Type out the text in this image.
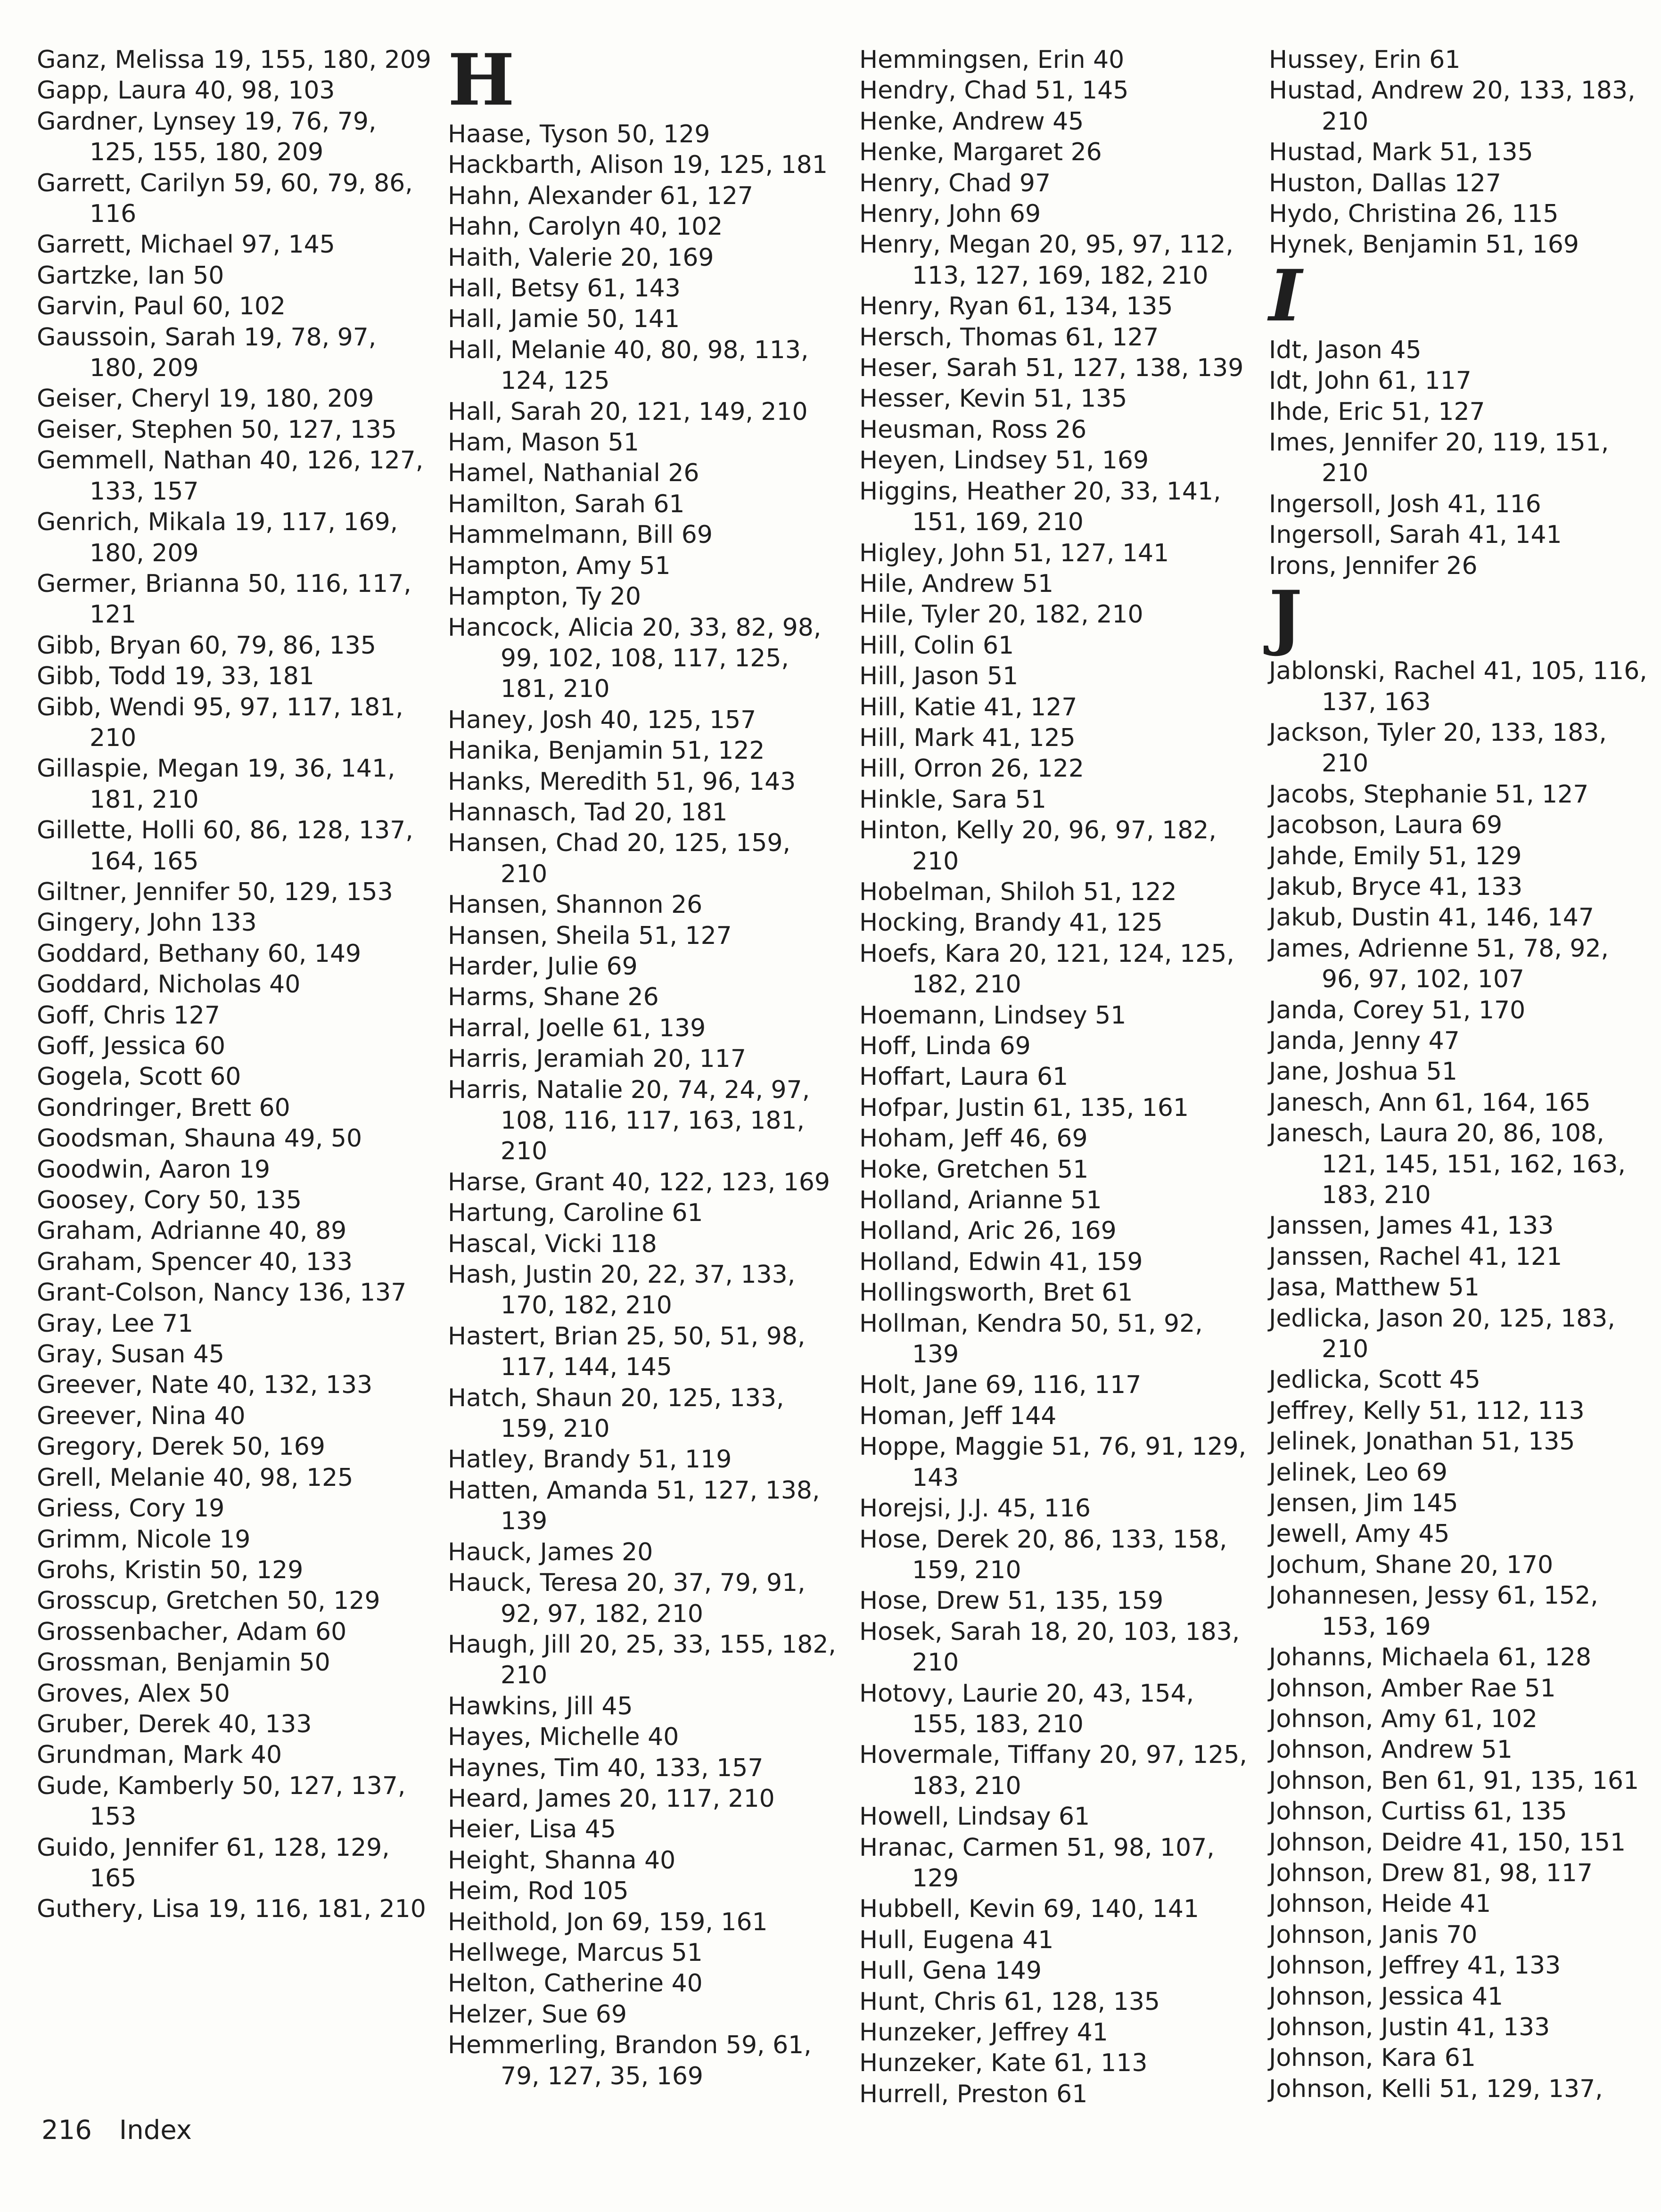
Ganz, Melissa 19, 155, 180, 209
Gapp, Laura 40, 98, 103
Gardner, Lynsey 19, 76, 79, 125, 155, 180, 209
Garrett, Carilyn 59, 60, 79, 86, 116
Garrett, Michael 97, 145
Gartzke, Ian 50
Garvin, Paul 60, 102
Gaussoin, Sarah 19, 78, 97, 180, 209
Geiser, Cheryl 19, 180, 209
Geiser, Stephen 50, 127, 135
Gemmell, Nathan 40, 126, 127, 133, 157
Genrich, Mikala 19, 117, 169, 180, 209
Germer, Brianna 50, 116, 117, 121
Gibb, Bryan 60, 79, 86, 135
Gibb, Todd 19, 33, 181
Gibb, Wendi 95, 97, 117, 181, 210
Gillaspie, Megan 19, 36, 141, 181, 210
Gillette, Holli 60, 86, 128, 137, 164, 165
Giltner, Jennifer 50, 129, 153
Gingery, John 133
Goddard, Bethany 60, 149
Goddard, Nicholas 40
Goff, Chris 127
Goff, Jessica 60
Gogela, Scott 60
Gondringer, Brett 60
Goodsman, Shauna 49, 50
Goodwin, Aaron 19
Goosey, Cory 50, 135
Graham, Adrianne 40, 89
Graham, Spencer 40, 133
Grant-Colson, Nancy 136, 137
Gray, Lee 71
Gray, Susan 45
Greever, Nate 40, 132, 133
Greever, Nina 40
Gregory, Derek 50, 169
Grell, Melanie 40, 98, 125
Griess, Cory 19
Grimm, Nicole 19
Grohs, Kristin 50, 129
Grosscup, Gretchen 50, 129
Grossenbacher, Adam 60
Grossman, Benjamin 50
Groves, Alex 50
Gruber, Derek 40, 133
Grundman, Mark 40
Gude, Kamberly 50, 127, 137, 153
Guido, Jennifer 61, 128, 129, 165
Guthery, Lisa 19, 116, 181, 210
H
Haase, Tyson 50, 129
Hackbarth, Alison 19, 125, 181
Hahn, Alexander 61, 127
Hahn, Carolyn 40, 102
Haith, Valerie 20, 169
Hall, Betsy 61, 143
Hall, Jamie 50, 141
Hall, Melanie 40, 80, 98, 113, 124, 125
Hall, Sarah 20, 121, 149, 210
Ham, Mason 51
Hamel, Nathanial 26
Hamilton, Sarah 61
Hammelmann, Bill 69
Hampton, Amy 51
Hampton, Ty 20
Hancock, Alicia 20, 33, 82, 98, 99, 102, 108, 117, 125, 181, 210
Haney, Josh 40, 125, 157
Hanika, Benjamin 51, 122
Hanks, Meredith 51, 96, 143
Hannasch, Tad 20, 181
Hansen, Chad 20, 125, 159, 210
Hansen, Shannon 26
Hansen, Sheila 51, 127
Harder, Julie 69
Harms, Shane 26
Harral, Joelle 61, 139
Harris, Jeramiah 20, 117
Harris, Natalie 20, 74, 24, 97, 108, 116, 117, 163, 181, 210
Harse, Grant 40, 122, 123, 169
Hartung, Caroline 61
Hascal, Vicki 118
Hash, Justin 20, 22, 37, 133, 170, 182, 210
Hastert, Brian 25, 50, 51, 98, 117, 144, 145
Hatch, Shaun 20, 125, 133, 159, 210
Hatley, Brandy 51, 119
Hatten, Amanda 51, 127, 138, 139
Hauck, James 20
Hauck, Teresa 20, 37, 79, 91, 92, 97, 182, 210
Haugh, Jill 20, 25, 33, 155, 182, 210
Hawkins, Jill 45
Hayes, Michelle 40
Haynes, Tim 40, 133, 157
Heard, James 20, 117, 210
Heier, Lisa 45
Height, Shanna 40
Heim, Rod 105
Heithold, Jon 69, 159, 161
Hellwege, Marcus 51
Helton, Catherine 40
Helzer, Sue 69
Hemmerling, Brandon 59, 61, 79, 127, 35, 169
Hemmingsen, Erin 40
Hendry, Chad 51, 145
Henke, Andrew 45
Henke, Margaret 26
Henry, Chad 97
Henry, John 69
Henry, Megan 20, 95, 97, 112, 113, 127, 169, 182, 210
Henry, Ryan 61, 134, 135
Hersch, Thomas 61, 127
Heser, Sarah 51, 127, 138, 139
Hesser, Kevin 51, 135
Heusman, Ross 26
Heyen, Lindsey 51, 169
Higgins, Heather 20, 33, 141, 151, 169, 210
Higley, John 51, 127, 141
Hile, Andrew 51
Hile, Tyler 20, 182, 210
Hill, Colin 61
Hill, Jason 51
Hill, Katie 41, 127
Hill, Mark 41, 125
Hill, Orron 26, 122
Hinkle, Sara 51
Hinton, Kelly 20, 96, 97, 182, 210
Hobelman, Shiloh 51, 122
Hocking, Brandy 41, 125
Hoefs, Kara 20, 121, 124, 125, 182, 210
Hoemann, Lindsey 51
Hoff, Linda 69
Hoffart, Laura 61
Hofpar, Justin 61, 135, 161
Hoham, Jeff 46, 69
Hoke, Gretchen 51
Holland, Arianne 51
Holland, Aric 26, 169
Holland, Edwin 41, 159
Hollingsworth, Bret 61
Hollman, Kendra 50, 51, 92, 139
Holt, Jane 69, 116, 117
Homan, Jeff 144
Hoppe, Maggie 51, 76, 91, 129, 143
Horejsi, J.J. 45, 116
Hose, Derek 20, 86, 133, 158, 159, 210
Hose, Drew 51, 135, 159
Hosek, Sarah 18, 20, 103, 183, 210
Hotovy, Laurie 20, 43, 154, 155, 183, 210
Hovermale, Tiffany 20, 97, 125, 183, 210
Howell, Lindsay 61
Hranac, Carmen 51, 98, 107, 129
Hubbell, Kevin 69, 140, 141
Hull, Eugena 41
Hull, Gena 149
Hunt, Chris 61, 128, 135
Hunzeker, Jeffrey 41
Hunzeker, Kate 61, 113
Hurrell, Preston 61
Hussey, Erin 61
Hustad, Andrew 20, 133, 183, 210
Hustad, Mark 51, 135
Huston, Dallas 127
Hydo, Christina 26, 115
Hynek, Benjamin 51, 169
I
Idt, Jason 45
Idt, John 61, 117
Ihde, Eric 51, 127
Imes, Jennifer 20, 119, 151, 210
Ingersoll, Josh 41, 116
Ingersoll, Sarah 41, 141
Irons, Jennifer 26
J
Jablonski, Rachel 41, 105, 116, 137, 163
Jackson, Tyler 20, 133, 183, 210
Jacobs, Stephanie 51, 127
Jacobson, Laura 69
Jahde, Emily 51, 129
Jakub, Bryce 41, 133
Jakub, Dustin 41, 146, 147
James, Adrienne 51, 78, 92, 96, 97, 102, 107
Janda, Corey 51, 170
Janda, Jenny 47
Jane, Joshua 51
Janesch, Ann 61, 164, 165
Janesch, Laura 20, 86, 108, 121, 145, 151, 162, 163, 183, 210
Janssen, James 41, 133
Janssen, Rachel 41, 121
Jasa, Matthew 51
Jedlicka, Jason 20, 125, 183, 210
Jedlicka, Scott 45
Jeffrey, Kelly 51, 112, 113
Jelinek, Jonathan 51, 135
Jelinek, Leo 69
Jensen, Jim 145
Jewell, Amy 45
Jochum, Shane 20, 170
Johannesen, Jessy 61, 152, 153, 169
Johanns, Michaela 61, 128
Johnson, Amber Rae 51
Johnson, Amy 61, 102
Johnson, Andrew 51
Johnson, Ben 61, 91, 135, 161
Johnson, Curtiss 61, 135
Johnson, Deidre 41, 150, 151
Johnson, Drew 81, 98, 117
Johnson, Heide 41
Johnson, Janis 70
Johnson, Jeffrey 41, 133
Johnson, Jessica 41
Johnson, Justin 41, 133
Johnson, Kara 61
Johnson, Kelli 51, 129, 137,
216 Index
